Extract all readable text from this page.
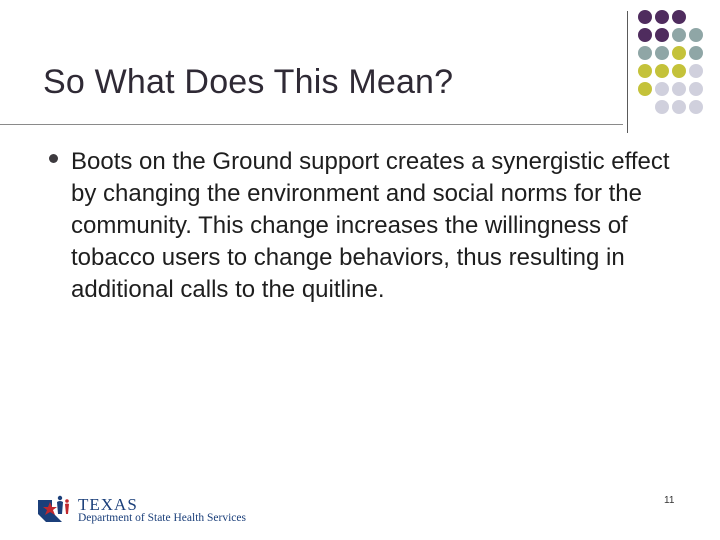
So What Does This Mean?
Boots on the Ground support creates a synergistic effect by changing the environment and social norms for the community. This change increases the willingness of tobacco users to change behaviors, thus resulting in additional calls to the quitline.
11
TEXAS
Department of State Health Services
